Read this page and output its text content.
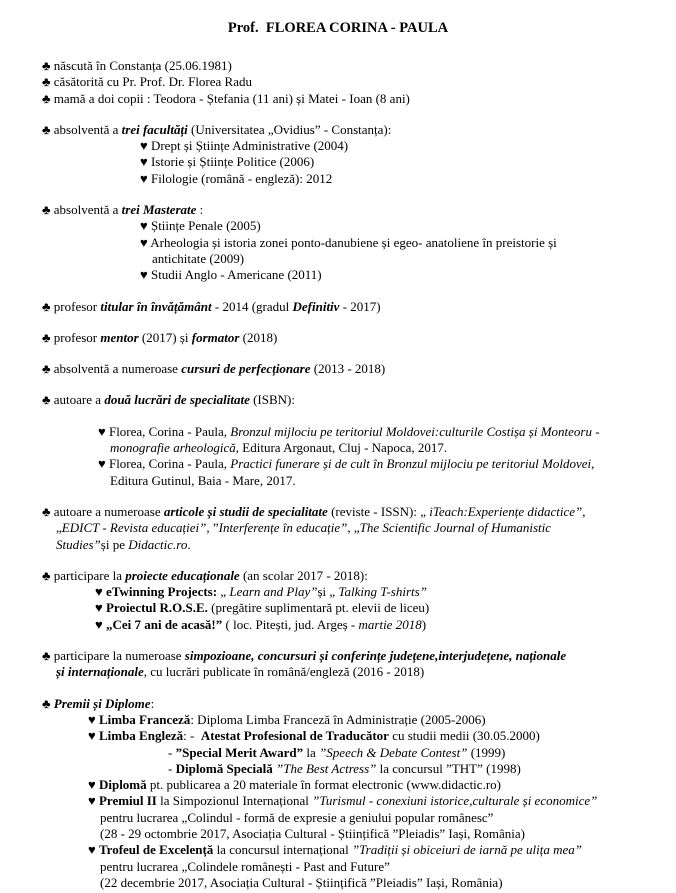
Prof.  FLOREA CORINA - PAULA
♣ născută în Constanța (25.06.1981)
♣ căsătorită cu Pr. Prof. Dr. Florea Radu
♣ mamă a doi copii : Teodora - Ștefania (11 ani) și Matei - Ioan (8 ani)
♣ absolventă a trei facultăți (Universitatea „Ovidius” - Constanța):
♥ Drept și Științe Administrative (2004)
♥ Istorie și Științe Politice (2006)
♥ Filologie (română - engleză): 2012
♣ absolventă a trei Masterate :
♥ Științe Penale (2005)
♥ Arheologia și istoria zonei ponto-danubiene și egeo- anatoliene în preistorie și
antichitate (2009)
♥ Studii Anglo - Americane (2011)
♣ profesor titular în învățământ - 2014 (gradul Definitiv - 2017)
♣ profesor mentor (2017) și formator (2018)
♣ absolventă a numeroase cursuri de perfecționare (2013 - 2018)
♣ autoare a două lucrări de specialitate (ISBN):
♥ Florea, Corina - Paula, Bronzul mijlociu pe teritoriul Moldovei:culturile Costișa și Monteoru -
monografie arheologică, Editura Argonaut, Cluj - Napoca, 2017.
♥ Florea, Corina - Paula, Practici funerare și de cult în Bronzul mijlociu pe teritoriul Moldovei,
Editura Gutinul, Baia - Mare, 2017.
♣ autoare a numeroase articole și studii de specialitate (reviste - ISSN): „ iTeach:Experiențe didactice”,
„EDICT - Revista educației”, ”Interferențe în educație”, „The Scientific Journal of Humanistic
Studies”și pe Didactic.ro.
♣ participare la proiecte educaționale (an scolar 2017 - 2018):
♥ eTwinning Projects: „ Learn and Play”și „ Talking T-shirts”
♥ Proiectul R.O.S.E. (pregătire suplimentară pt. elevii de liceu)
♥ „Cei 7 ani de acasă!” ( loc. Pitești, jud. Argeș - martie 2018)
♣ participare la numeroase simpozioane, concursuri și conferințe județene,interjudețene, naționale
și internaționale, cu lucrări publicate în română/engleză (2016 - 2018)
♣ Premii și Diplome:
♥ Limba Franceză: Diploma Limba Franceză în Administrație (2005-2006)
♥ Limba Engleză: -  Atestat Profesional de Traducător cu studii medii (30.05.2000)
- ”Special Merit Award” la ”Speech & Debate Contest” (1999)
- Diplomă Specială ”The Best Actress” la concursul ”THT” (1998)
♥ Diplomă pt. publicarea a 20 materiale în format electronic (www.didactic.ro)
♥ Premiul II la Simpozionul Internațional ”Turismul - conexiuni istorice,culturale și economice”
pentru lucrarea „Colindul - formă de expresie a geniului popular românesc”
(28 - 29 octombrie 2017, Asociația Cultural - Științifică ”Pleiadis” Iași, România)
♥ Trofeul de Excelență la concursul internațional ”Tradiții și obiceiuri de iarnă pe ulița mea”
pentru lucrarea „Colindele românești - Past and Future”
(22 decembrie 2017, Asociația Cultural - Științifică ”Pleiadis” Iași, România)
